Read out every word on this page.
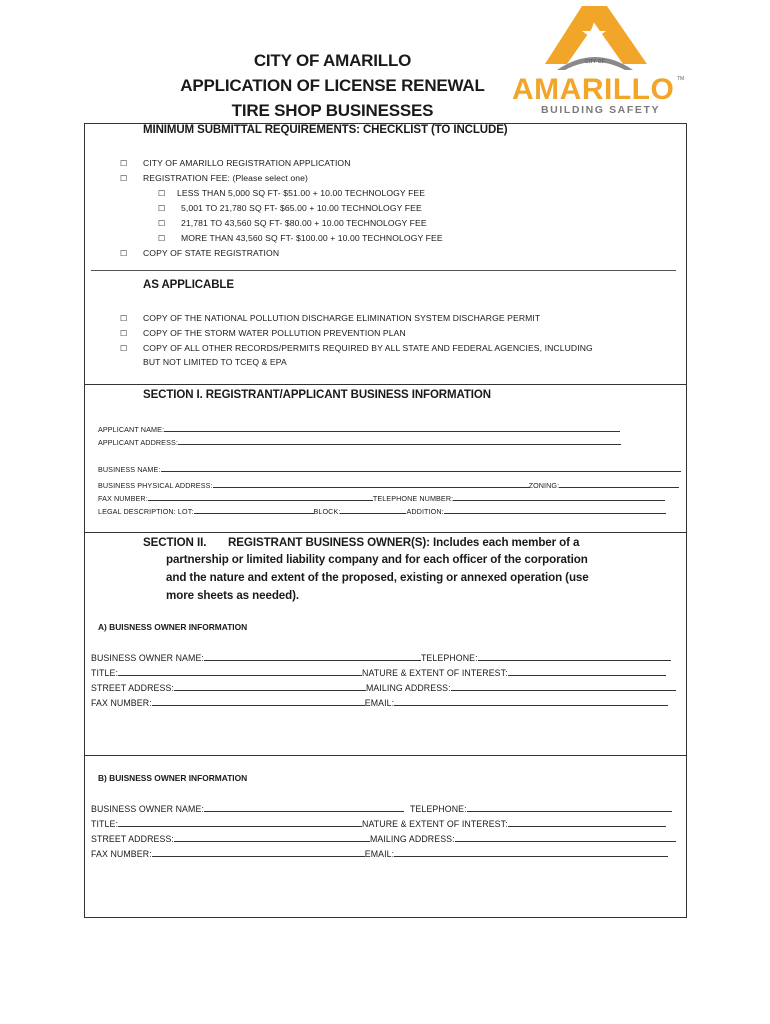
CITY OF AMARILLO
APPLICATION OF LICENSE RENEWAL
TIRE SHOP BUSINESSES
CITY OF
AMARILLO TM
BUILDING SAFETY
MINIMUM SUBMITTAL REQUIREMENTS: CHECKLIST (TO INCLUDE)
☐ CITY OF AMARILLO REGISTRATION APPLICATION
☐ REGISTRATION FEE: (Please select one)
☐ LESS THAN 5,000 SQ FT- $51.00 + 10.00 TECHNOLOGY FEE
☐ 5,001 TO 21,780 SQ FT- $65.00 + 10.00 TECHNOLOGY FEE
☐ 21,781 TO 43,560 SQ FT- $80.00 + 10.00 TECHNOLOGY FEE
☐ MORE THAN 43,560 SQ FT- $100.00 + 10.00 TECHNOLOGY FEE
☐ COPY OF STATE REGISTRATION
AS APPLICABLE
☐ COPY OF THE NATIONAL POLLUTION DISCHARGE ELIMINATION SYSTEM DISCHARGE PERMIT
☐ COPY OF THE STORM WATER POLLUTION PREVENTION PLAN
☐ COPY OF ALL OTHER RECORDS/PERMITS REQUIRED BY ALL STATE AND FEDERAL AGENCIES, INCLUDING
BUT NOT LIMITED TO TCEQ & EPA
SECTION I. REGISTRANT/APPLICANT BUSINESS INFORMATION
APPLICANT NAME:
APPLICANT ADDRESS:
BUSINESS NAME:
BUSINESS PHYSICAL ADDRESS:	ZONING:
FAX NUMBER:	TELEPHONE NUMBER:
LEGAL DESCRIPTION: LOT:	BLOCK:	ADDITION:
SECTION II. REGISTRANT BUSINESS OWNER(S): Includes each member of a
partnership or limited liability company and for each officer of the corporation
and the nature and extent of the proposed, existing or annexed operation (use
more sheets as needed).
A) BUISNESS OWNER INFORMATION
BUSINESS OWNER NAME:	TELEPHONE:
TITLE:	NATURE & EXTENT OF INTEREST:
STREET ADDRESS:	MAILING ADDRESS:
FAX NUMBER:	EMAIL:
B) BUISNESS OWNER INFORMATION
BUSINESS OWNER NAME:	TELEPHONE:
TITLE:	NATURE & EXTENT OF INTEREST:
STREET ADDRESS:	MAILING ADDRESS:
FAX NUMBER:	EMAIL:
